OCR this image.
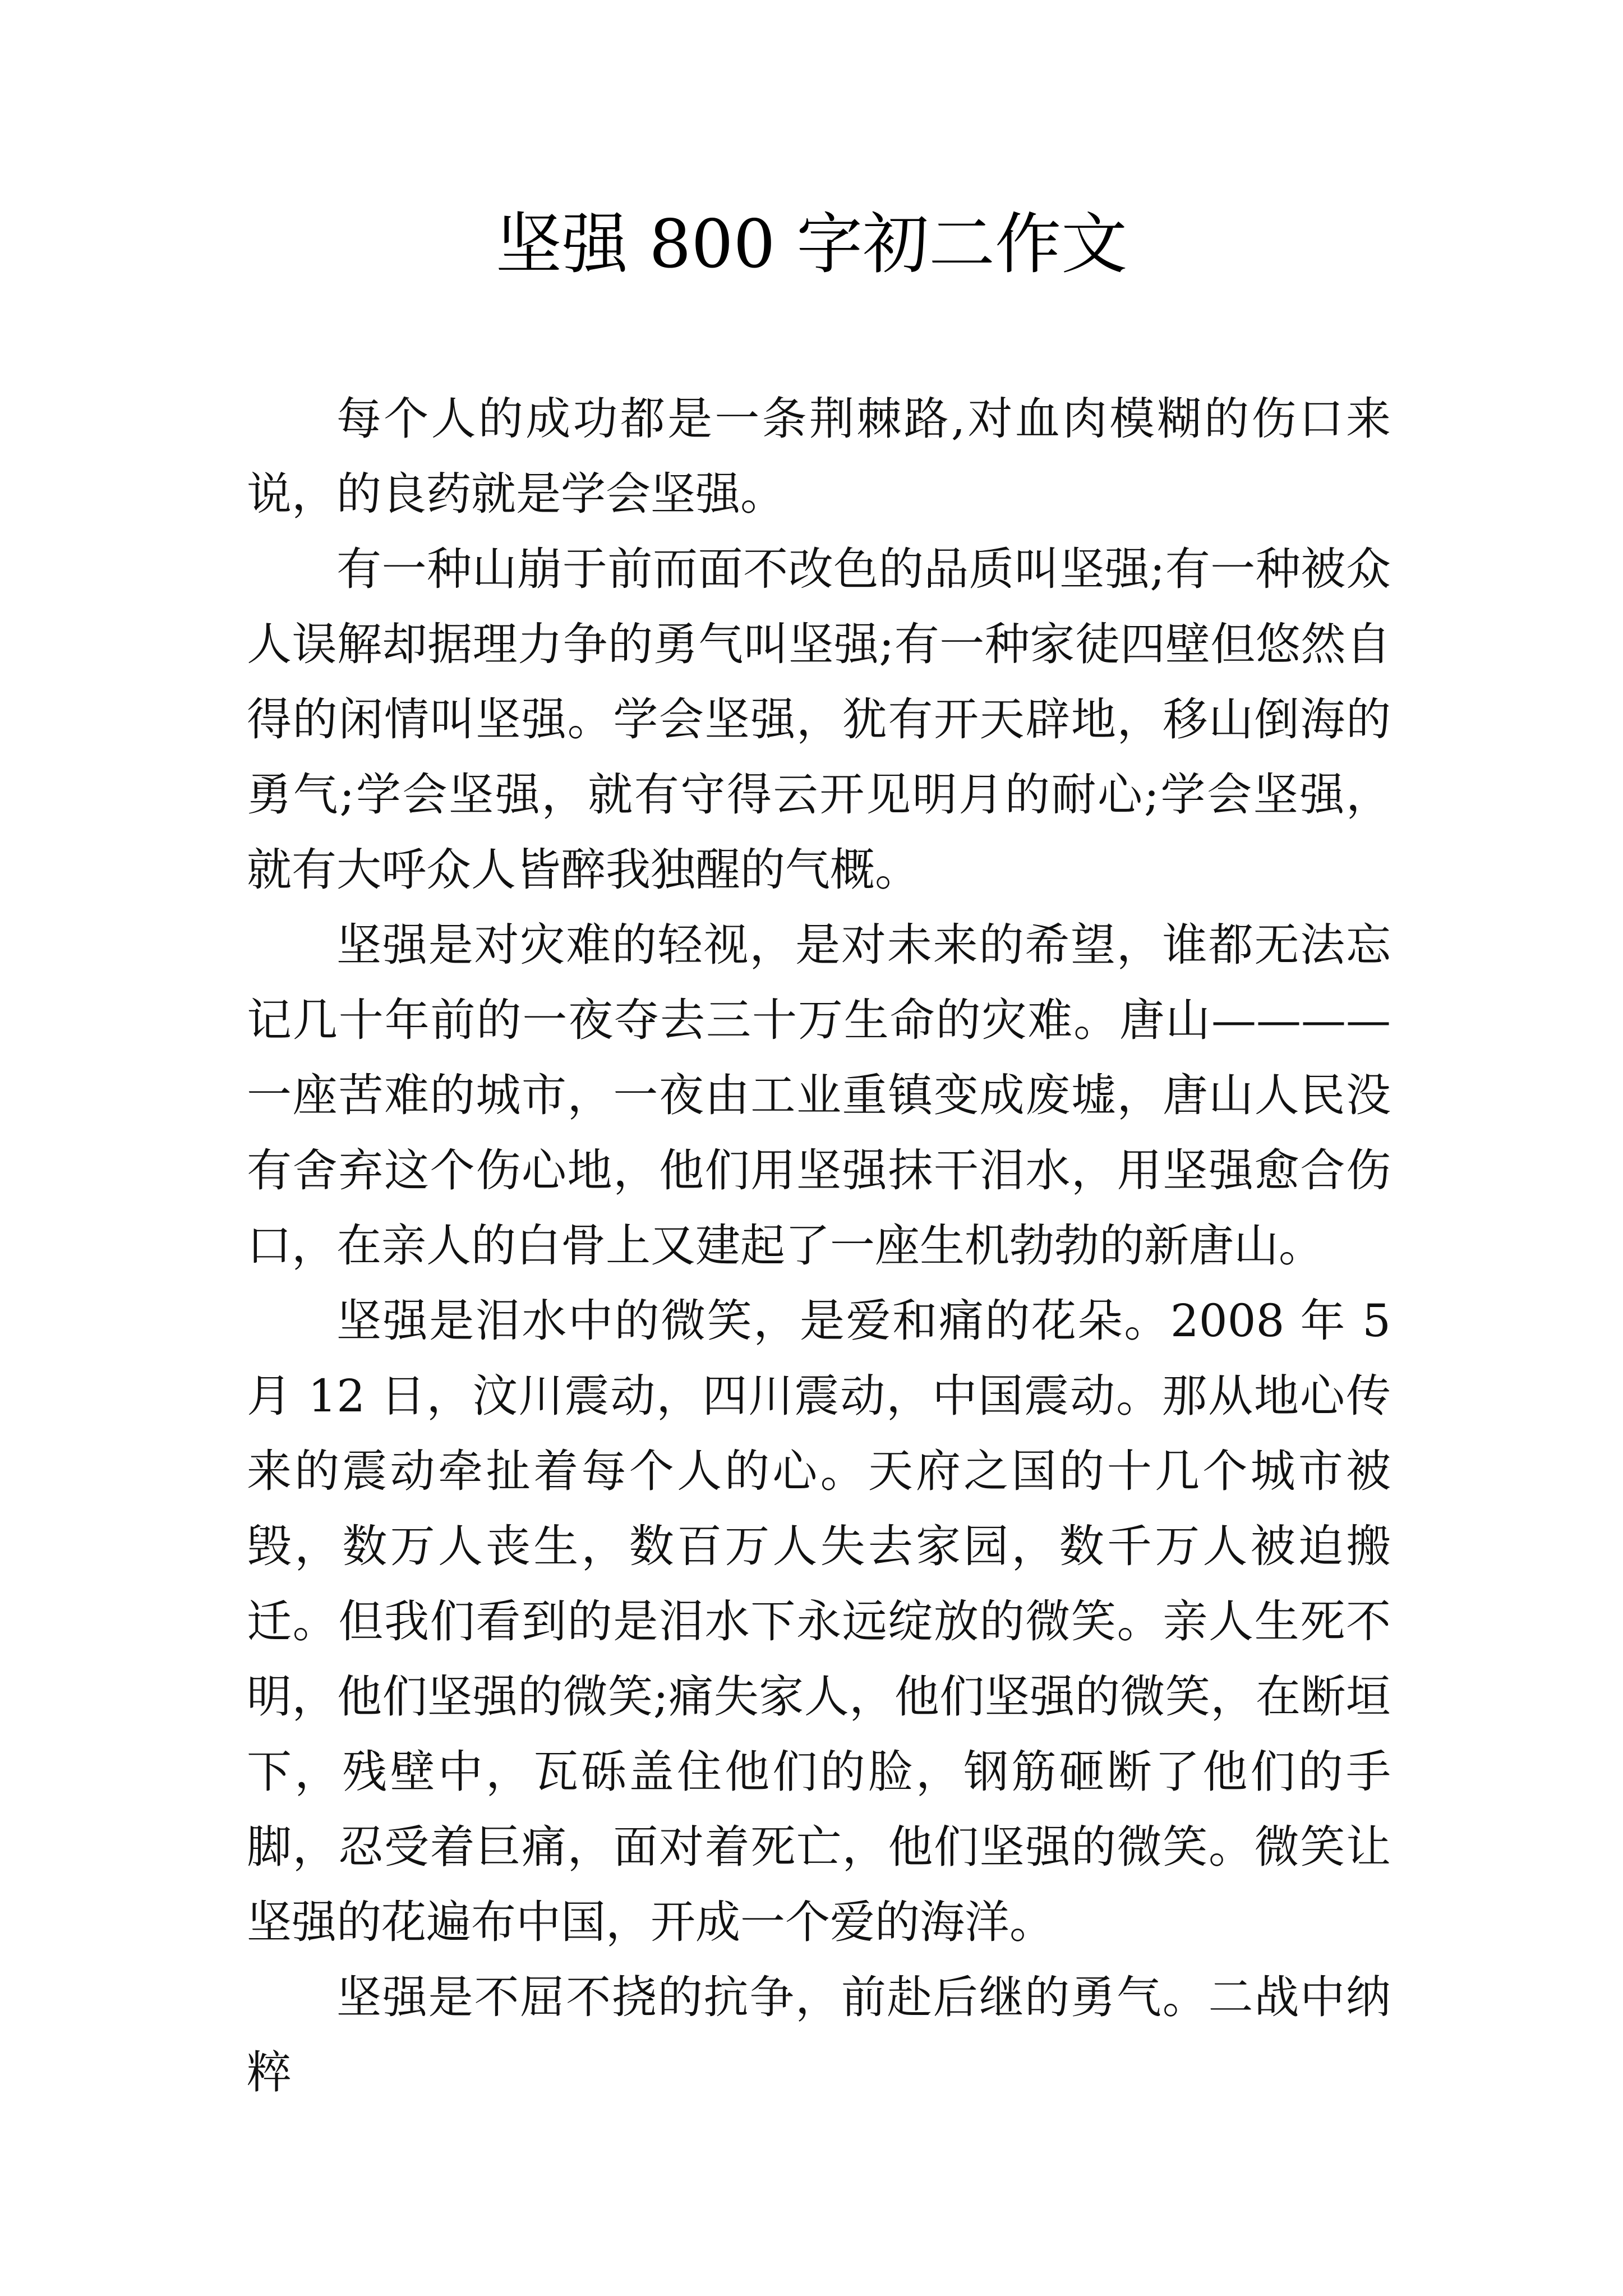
坚强 800 字初二作文

每个人的成功都是一条荆棘路,对血肉模糊的伤口来说，的良药就是学会坚强。

有一种山崩于前而面不改色的品质叫坚强;有一种被众人误解却据理力争的勇气叫坚强;有一种家徒四壁但悠然自得的闲情叫坚强。学会坚强，犹有开天辟地，移山倒海的勇气;学会坚强，就有守得云开见明月的耐心;学会坚强，就有大呼众人皆醉我独醒的气概。

坚强是对灾难的轻视，是对未来的希望，谁都无法忘记几十年前的一夜夺去三十万生命的灾难。唐山————一座苦难的城市，一夜由工业重镇变成废墟，唐山人民没有舍弃这个伤心地，他们用坚强抹干泪水，用坚强愈合伤口，在亲人的白骨上又建起了一座生机勃勃的新唐山。

坚强是泪水中的微笑，是爱和痛的花朵。2008 年 5 月 12 日，汶川震动，四川震动，中国震动。那从地心传来的震动牵扯着每个人的心。天府之国的十几个城市被毁，数万人丧生，数百万人失去家园，数千万人被迫搬迁。但我们看到的是泪水下永远绽放的微笑。亲人生死不明，他们坚强的微笑;痛失家人，他们坚强的微笑，在断垣下，残壁中，瓦砾盖住他们的脸，钢筋砸断了他们的手脚，忍受着巨痛，面对着死亡，他们坚强的微笑。微笑让坚强的花遍布中国，开成一个爱的海洋。

坚强是不屈不挠的抗争，前赴后继的勇气。二战中纳粹
